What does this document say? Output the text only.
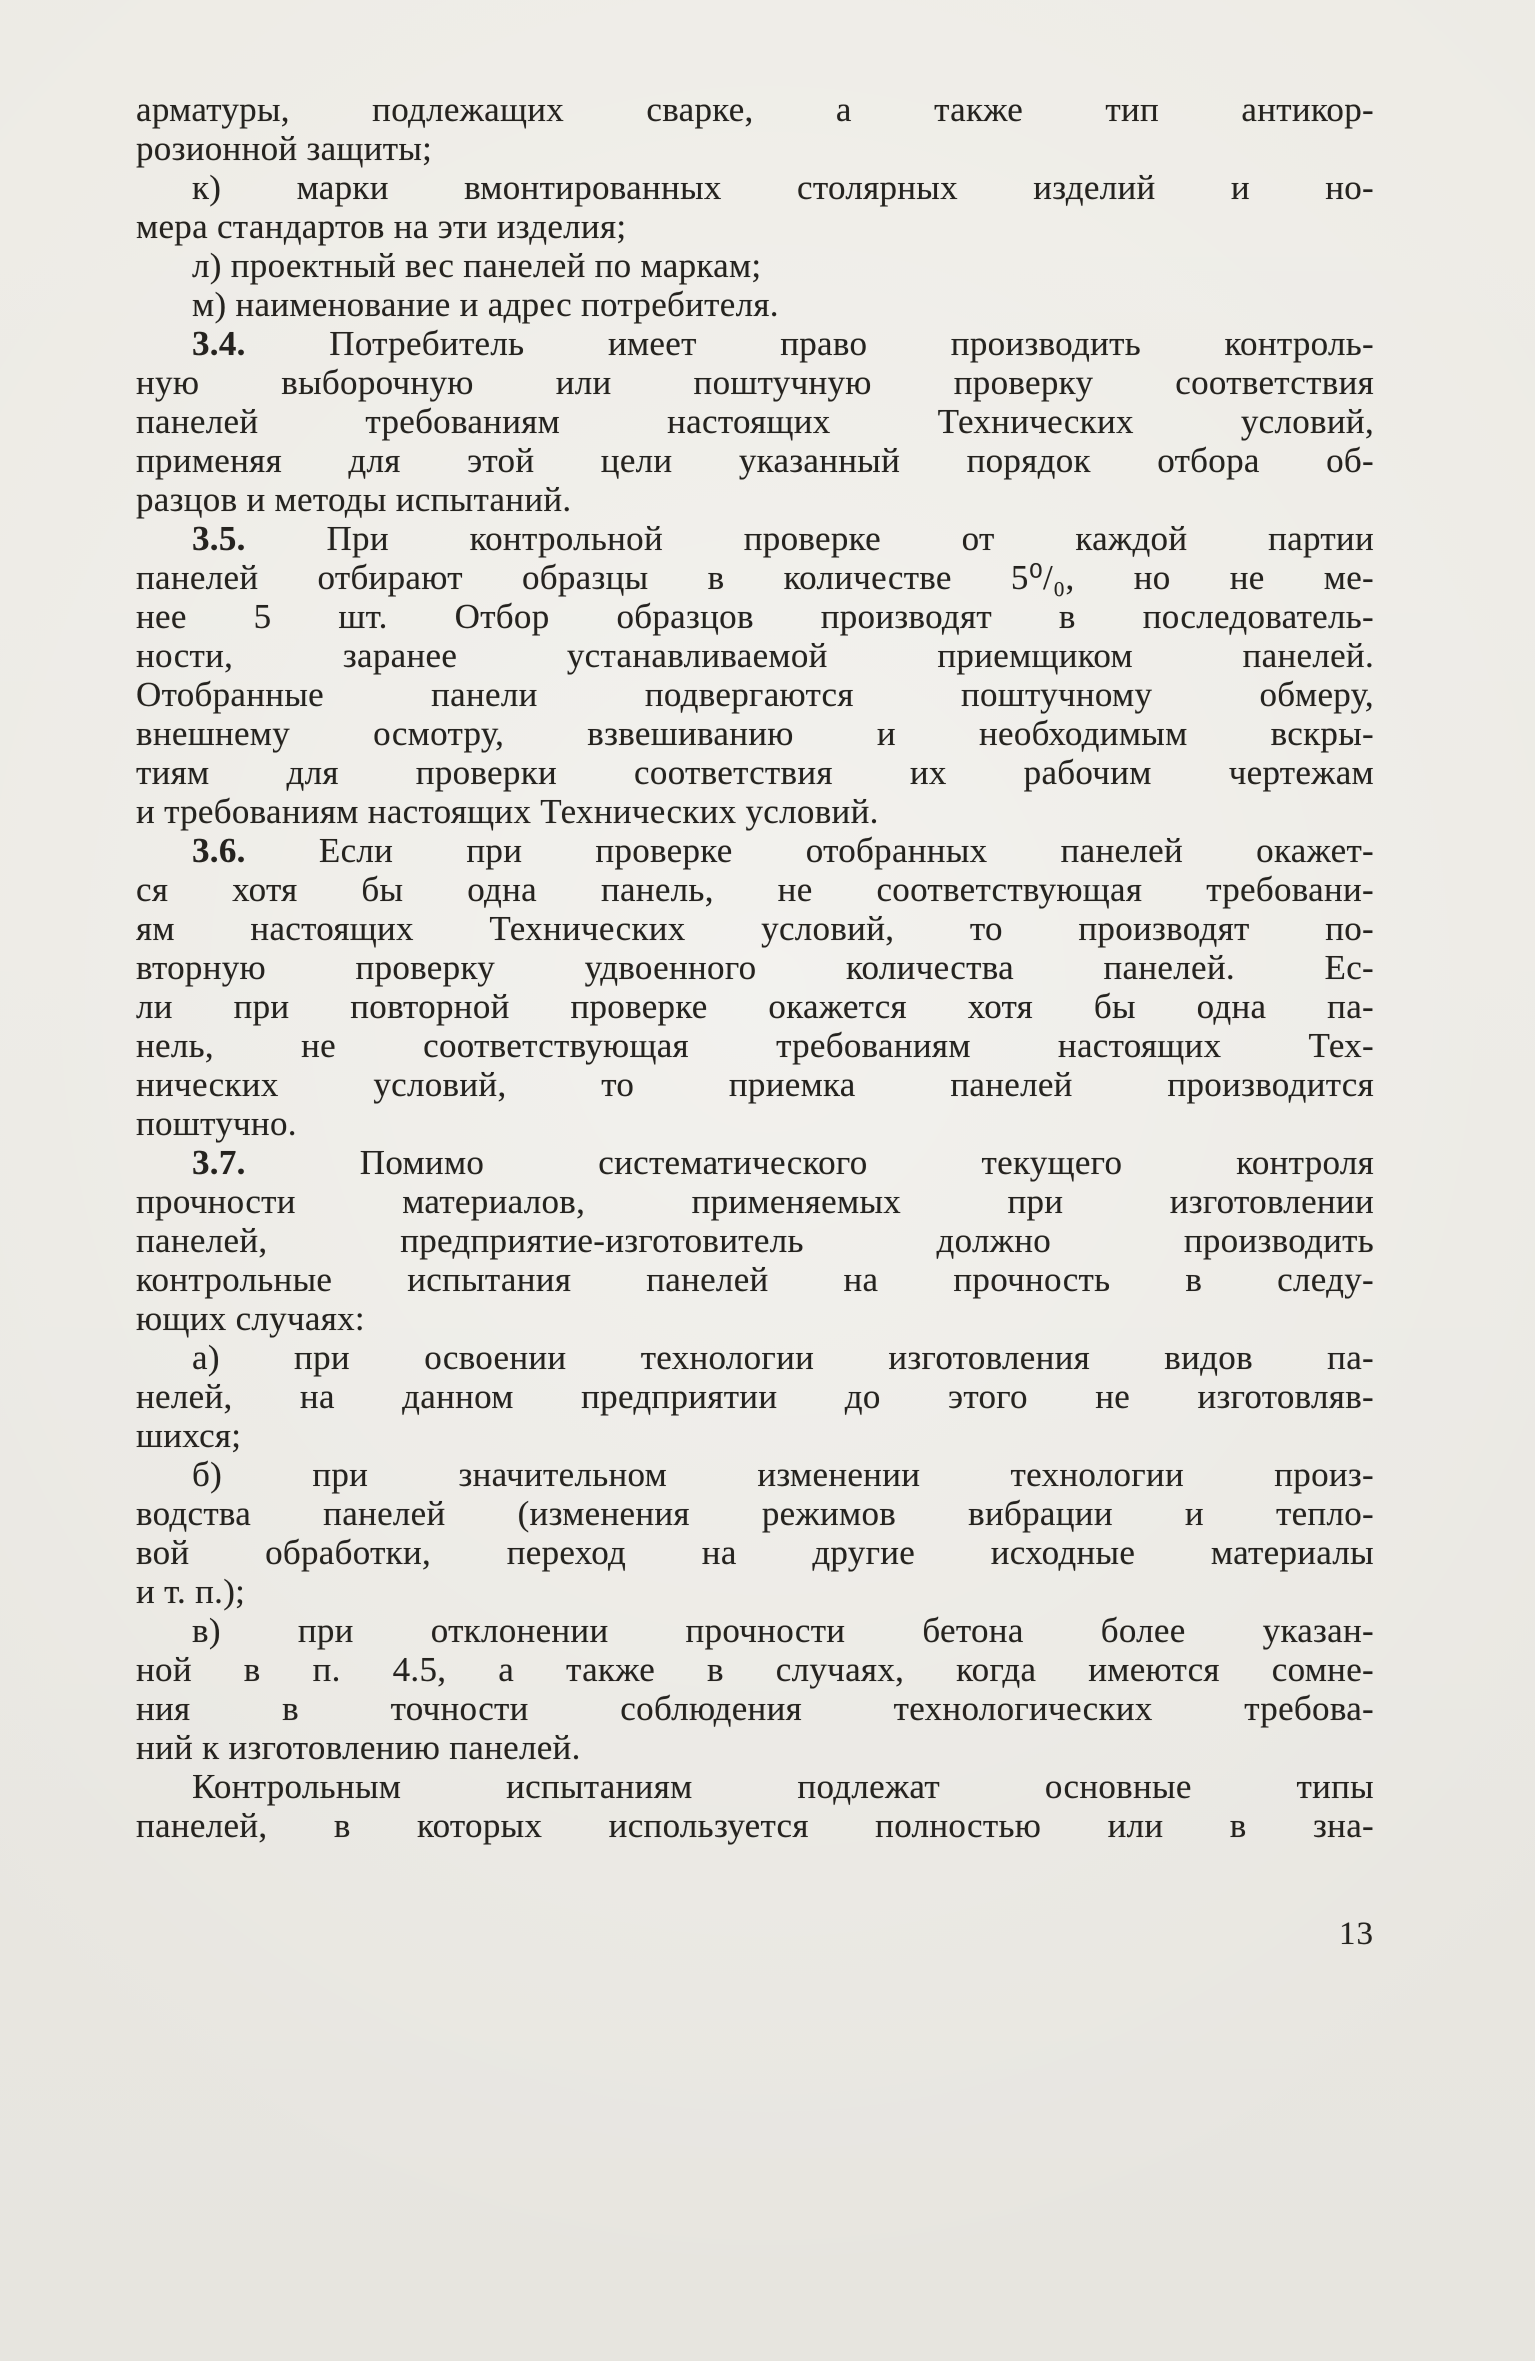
арматуры, подлежащих сварке, а также тип антикор-
розионной защиты;
к) марки вмонтированных столярных изделий и но-
мера стандартов на эти изделия;
л) проектный вес панелей по маркам;
м) наименование и адрес потребителя.
3.4. Потребитель имеет право производить контроль-
ную выборочную или поштучную проверку соответствия
панелей требованиям настоящих Технических условий,
применяя для этой цели указанный порядок отбора об-
разцов и методы испытаний.
3.5. При контрольной проверке от каждой партии
панелей отбирают образцы в количестве 5⁰/₀, но не ме-
нее 5 шт. Отбор образцов производят в последователь-
ности, заранее устанавливаемой приемщиком панелей.
Отобранные панели подвергаются поштучному обмеру,
внешнему осмотру, взвешиванию и необходимым вскры-
тиям для проверки соответствия их рабочим чертежам
и требованиям настоящих Технических условий.
3.6. Если при проверке отобранных панелей окажет-
ся хотя бы одна панель, не соответствующая требовани-
ям настоящих Технических условий, то производят по-
вторную проверку удвоенного количества панелей. Ес-
ли при повторной проверке окажется хотя бы одна па-
нель, не соответствующая требованиям настоящих Тех-
нических условий, то приемка панелей производится
поштучно.
3.7. Помимо систематического текущего контроля
прочности материалов, применяемых при изготовлении
панелей, предприятие-изготовитель должно производить
контрольные испытания панелей на прочность в следу-
ющих случаях:
а) при освоении технологии изготовления видов па-
нелей, на данном предприятии до этого не изготовляв-
шихся;
б) при значительном изменении технологии произ-
водства панелей (изменения режимов вибрации и тепло-
вой обработки, переход на другие исходные материалы
и т. п.);
в) при отклонении прочности бетона более указан-
ной в п. 4.5, а также в случаях, когда имеются сомне-
ния в точности соблюдения технологических требова-
ний к изготовлению панелей.
Контрольным испытаниям подлежат основные типы
панелей, в которых используется полностью или в зна-
13
